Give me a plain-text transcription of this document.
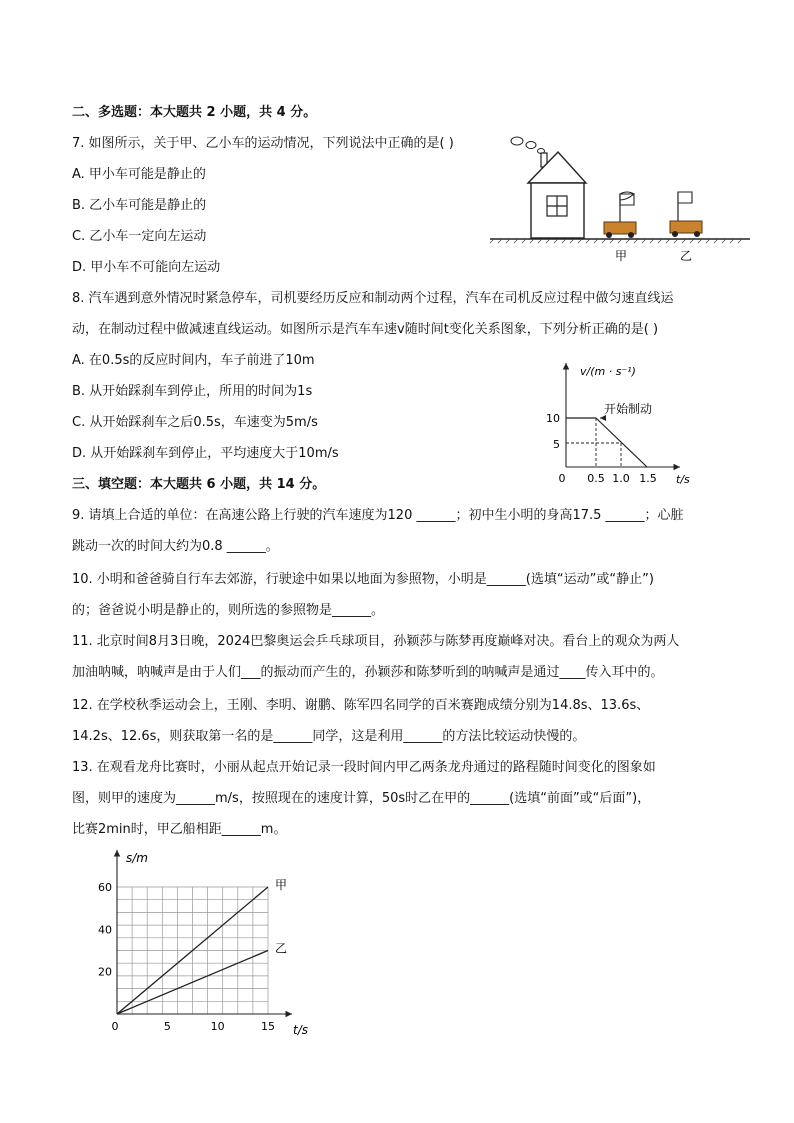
二、多选题：本大题共 2 小题，共 4 分。
7. 如图所示，关于甲、乙小车的运动情况，下列说法中正确的是( )
A. 甲小车可能是静止的
B. 乙小车可能是静止的
C. 乙小车一定向左运动
D. 甲小车不可能向左运动
甲	乙
8. 汽车遇到意外情况时紧急停车，司机要经历反应和制动两个过程，汽车在司机反应过程中做匀速直线运
动，在制动过程中做减速直线运动。如图所示是汽车车速v随时间t变化关系图象，下列分析正确的是( )
A. 在0.5s的反应时间内，车子前进了10m
B. 从开始踩刹车到停止，所用的时间为1s
C. 从开始踩刹车之后0.5s，车速变为5m/s
D. 从开始踩刹车到停止，平均速度大于10m/s
v/(m · s⁻¹)
t/s
0 0.5 1.0 1.5
10
5
开始制动
三、填空题：本大题共 6 小题，共 14 分。
9. 请填上合适的单位：在高速公路上行驶的汽车速度为120 ______；初中生小明的身高17.5 ______；心脏
跳动一次的时间大约为0.8 ______。
10. 小明和爸爸骑自行车去郊游，行驶途中如果以地面为参照物，小明是______(选填“运动”或“静止”)
的；爸爸说小明是静止的，则所选的参照物是______。
11. 北京时间8月3日晚，2024巴黎奥运会乒乓球项目，孙颖莎与陈梦再度巅峰对决。看台上的观众为两人
加油呐喊，呐喊声是由于人们___的振动而产生的，孙颖莎和陈梦听到的呐喊声是通过____传入耳中的。
12. 在学校秋季运动会上，王刚、李明、谢鹏、陈军四名同学的百米赛跑成绩分别为14.8s、13.6s、
14.2s、12.6s，则获取第一名的是______同学，这是利用______的方法比较运动快慢的。
13. 在观看龙舟比赛时，小丽从起点开始记录一段时间内甲乙两条龙舟通过的路程随时间变化的图象如
图，则甲的速度为______m/s，按照现在的速度计算，50s时乙在甲的______(选填“前面”或“后面”)，
比赛2min时，甲乙船相距______m。
s/m
t/s
0	5	10	15
20
40
60	甲
乙
